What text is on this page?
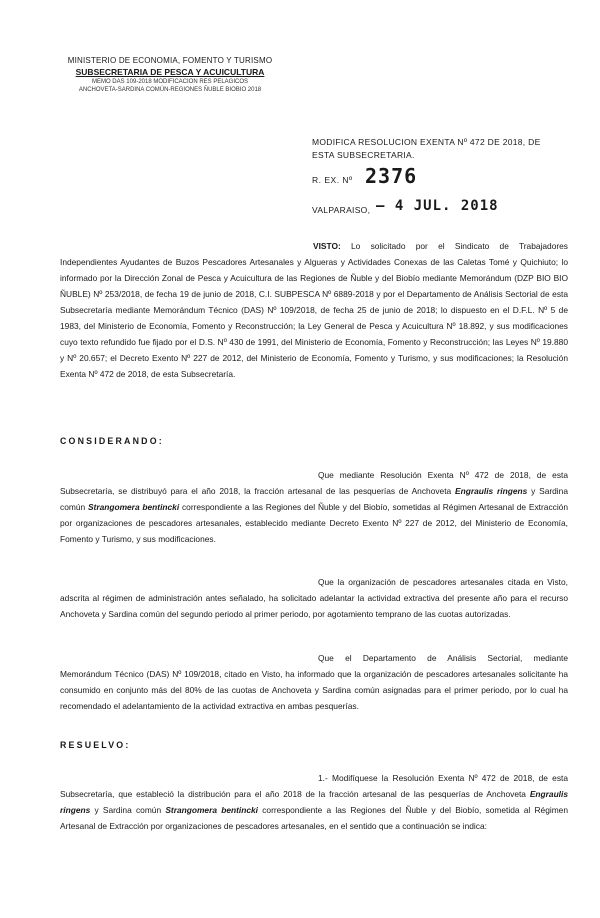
MINISTERIO DE ECONOMIA, FOMENTO Y TURISMO
SUBSECRETARIA DE PESCA Y ACUICULTURA
MEMO DAS 109-2018 MODIFICACION RES PELAGICOS
ANCHOVETA-SARDINA COMÚN-REGIONES ÑUBLE BIOBIO 2018
MODIFICA RESOLUCION EXENTA Nº 472 DE 2018, DE
ESTA SUBSECRETARIA.
R. EX. Nº 2376
VALPARAISO, – 4 JUL. 2018
VISTO: Lo solicitado por el Sindicato de Trabajadores Independientes Ayudantes de Buzos Pescadores Artesanales y Algueras y Actividades Conexas de las Caletas Tomé y Quichiuto; lo informado por la Dirección Zonal de Pesca y Acuicultura de las Regiones de Ñuble y del Biobío mediante Memorándum (DZP BIO BIO ÑUBLE) Nº 253/2018, de fecha 19 de junio de 2018, C.I. SUBPESCA Nº 6889-2018 y por el Departamento de Análisis Sectorial de esta Subsecretaría mediante Memorándum Técnico (DAS) Nº 109/2018, de fecha 25 de junio de 2018; lo dispuesto en el D.F.L. Nº 5 de 1983, del Ministerio de Economía, Fomento y Reconstrucción; la Ley General de Pesca y Acuicultura Nº 18.892, y sus modificaciones cuyo texto refundido fue fijado por el D.S. Nº 430 de 1991, del Ministerio de Economía, Fomento y Reconstrucción; las Leyes Nº 19.880 y Nº 20.657; el Decreto Exento Nº 227 de 2012, del Ministerio de Economía, Fomento y Turismo, y sus modificaciones; la Resolución Exenta Nº 472 de 2018, de esta Subsecretaría.
CONSIDERANDO:
Que mediante Resolución Exenta Nº 472 de 2018, de esta Subsecretaría, se distribuyó para el año 2018, la fracción artesanal de las pesquerías de Anchoveta Engraulis ringens y Sardina común Strangomera bentincki correspondiente a las Regiones del Ñuble y del Biobío, sometidas al Régimen Artesanal de Extracción por organizaciones de pescadores artesanales, establecido mediante Decreto Exento Nº 227 de 2012, del Ministerio de Economía, Fomento y Turismo, y sus modificaciones.
Que la organización de pescadores artesanales citada en Visto, adscrita al régimen de administración antes señalado, ha solicitado adelantar la actividad extractiva del presente año para el recurso Anchoveta y Sardina común del segundo periodo al primer periodo, por agotamiento temprano de las cuotas autorizadas.
Que el Departamento de Análisis Sectorial, mediante Memorándum Técnico (DAS) Nº 109/2018, citado en Visto, ha informado que la organización de pescadores artesanales solicitante ha consumido en conjunto más del 80% de las cuotas de Anchoveta y Sardina común asignadas para el primer periodo, por lo cual ha recomendado el adelantamiento de la actividad extractiva en ambas pesquerías.
RESUELVO:
1.- Modifíquese la Resolución Exenta Nº 472 de 2018, de esta Subsecretaría, que estableció la distribución para el año 2018 de la fracción artesanal de las pesquerías de Anchoveta Engraulis ringens y Sardina común Strangomera bentincki correspondiente a las Regiones del Ñuble y del Biobío, sometida al Régimen Artesanal de Extracción por organizaciones de pescadores artesanales, en el sentido que a continuación se indica:
